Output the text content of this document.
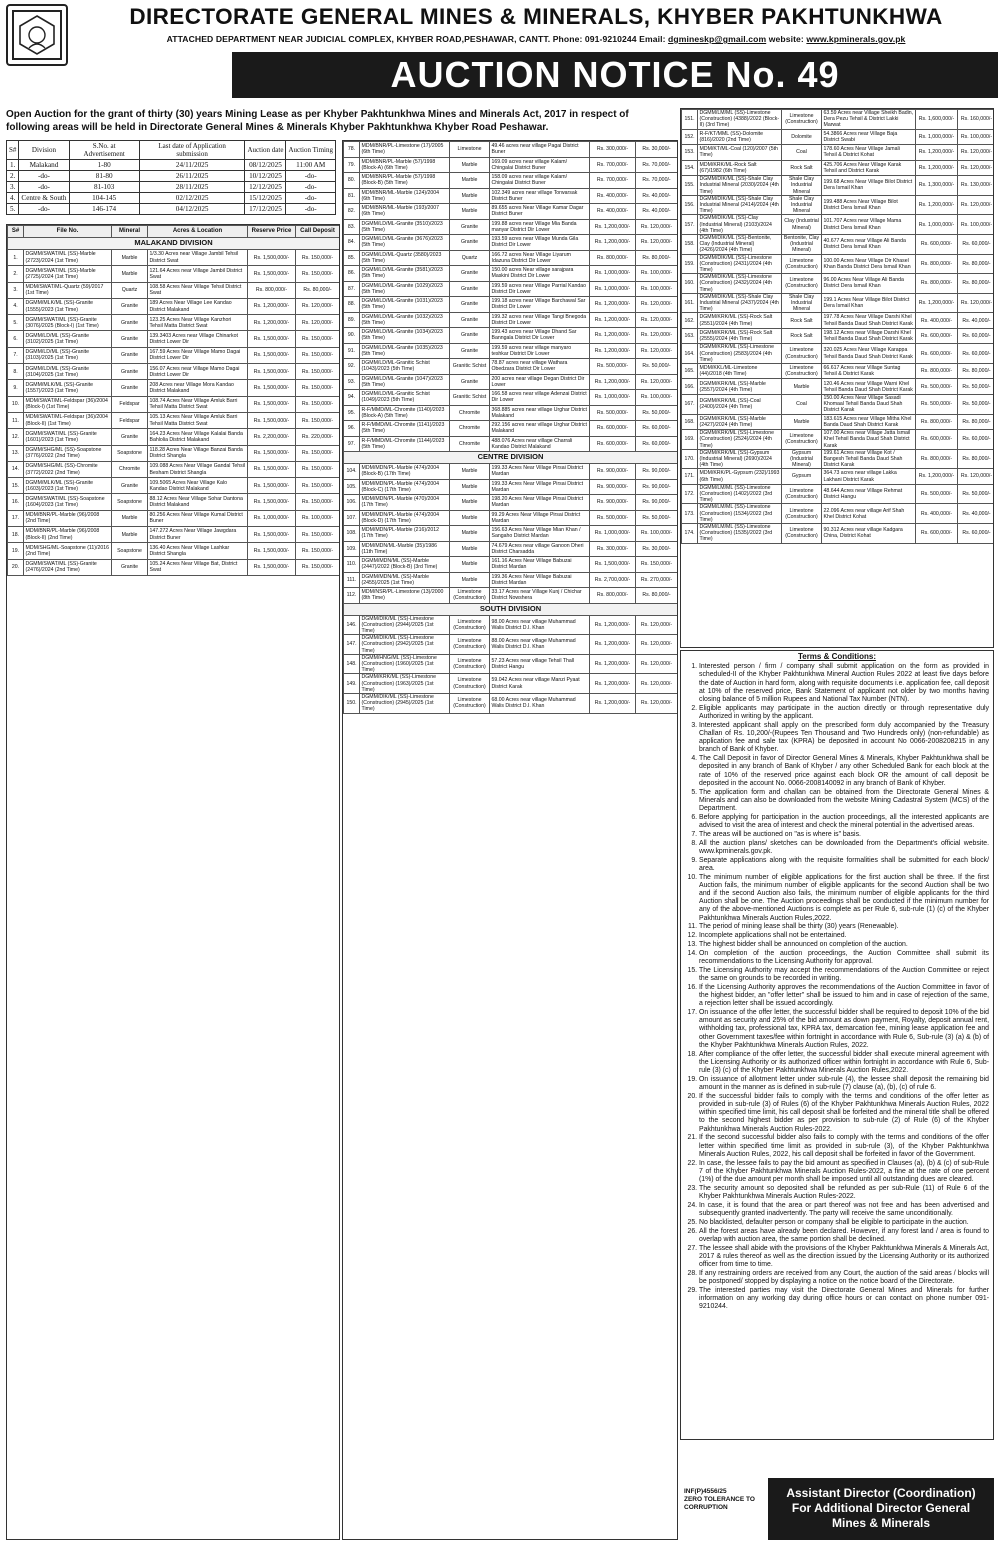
DIRECTORATE GENERAL MINES & MINERALS, KHYBER PAKHTUNKHWA
ATTACHED DEPARTMENT NEAR JUDICIAL COMPLEX, KHYBER ROAD,PESHAWAR, CANTT. Phone: 091-9210244 Email: dgmineskp@gmail.com website: www.kpminerals.gov.pk
AUCTION NOTICE No. 49
Open Auction for the grant of thirty (30) years Mining Lease as per Khyber Pakhtunkhwa Mines and Minerals Act, 2017 in respect of following areas will be held in Directorate General Mines & Minerals Khyber Pakhtunkhwa Khyber Road Peshawar.
S#	Division	S.No. at Advertisement	Last date of Application submission	Auction date	Auction Timing
1.	Malakand	1-80	24/11/2025	08/12/2025	11:00 AM
2.	-do-	81-80	26/11/2025	10/12/2025	-do-
3.	-do-	81-103	28/11/2025	12/12/2025	-do-
4.	Centre & South	104-145	02/12/2025	15/12/2025	-do-
5.	-do-	146-174	04/12/2025	17/12/2025	-do-
S#	File No.	Mineral	Acres & Location	Reserve Price	Call Deposit
MALAKAND DIVISION					
1.	DGMM/SWAT/ML (SS)-Marble (2723)/2024 (1st Time)	Marble	1/3.30 Acres near Village Jambil Tehsil District Swat	Rs. 1,500,000/-	Rs. 150,000/-
2.	DGMM/SWAT/ML (SS)-Marble (2725)/2024 (1st Time)	Marble	121.64 Acres near Village Jambil District Swat	Rs. 1,500,000/-	Rs. 150,000/-
3.	MDM/SWAT/ML-Quartz (59)/2017 (1st Time)	Quartz	108.58 Acres Near Village Tehsil District Swat	Rs. 800,000/-	Rs. 80,000/-
4.	DGMM/MLK/ML (SS)-Granite (1555)/2023 (1st Time)	Granite	189 Acres Near Village Lee Kandao District Malakand	Rs. 1,200,000/-	Rs. 120,000/-
5.	DGMM/SWAT/ML (SS)-Granite (3076)/2025 (Block-I) (1st Time)	Granite	123.25 Acres Near Village Kanzhori Tehsil Matta District Swat	Rs. 1,200,000/-	Rs. 120,000/-
6.	DGMM/LD/ML (SS)-Granite (3102)/2025 (1st Time)	Granite	139.3403 Acres near Village Chinarkot District Lower Dir	Rs. 1,500,000/-	Rs. 150,000/-
7.	DGMM/LD/ML (SS)-Granite (3103)/2025 (1st Time)	Granite	167.59 Acres Near Village Mamo Dagai District Lower Dir	Rs. 1,500,000/-	Rs. 150,000/-
8.	DGMM/LD/ML (SS)-Granite (3104)/2025 (1st Time)	Granite	156.07 Acres near Village Mamo Dagai District Lower Dir	Rs. 1,500,000/-	Rs. 150,000/-
9.	DGMM/MLK/ML (SS)-Granite (1557)/2023 (1st Time)	Granite	208 Acres near Village Mora Kandao District Malakand	Rs. 1,500,000/-	Rs. 150,000/-
10.	MDM/SWAT/ML-Feldspar (36)/2004 (Block-I) (1st Time)	Feldspar	108.74 Acres Near Village Amluk Barri Tehsil Matta District Swat	Rs. 1,500,000/-	Rs. 150,000/-
11.	MDM/SWAT/ML-Feldspar (36)/2004 (Block-II) (1st Time)	Feldspar	105.13 Acres Near Village Amluk Barri Tehsil Matta District Swat	Rs. 1,500,000/-	Rs. 150,000/-
12.	DGMM/SWAT/ML (SS)-Granite (1601)/2023 (1st Time)	Granite	164.23 Acres Near Village Kalalai Banda Bahlolia District Malakand	Rs. 2,200,000/-	Rs. 220,000/-
13.	DGMM/SHG/ML (SS)-Soapstone (3776)/2022 (2nd Time)	Soapstone	118.28 Acres Near Village Banzai Banda District Shangla	Rs. 1,500,000/-	Rs. 150,000/-
14.	DGMM/SHG/ML (SS)-Chromite (3772)/2022 (2nd Time)	Chromite	109.088 Acres Near Village Gandal Tehsil Besham District Shangla	Rs. 1,500,000/-	Rs. 150,000/-
15.	DGMM/MLK/ML (SS)-Granite (1603)/2023 (1st Time)	Granite	109.5065 Acres Near Village Kalo Kandao District Malakand	Rs. 1,500,000/-	Rs. 150,000/-
16.	DGMM/SWAT/ML (SS)-Soapstone (1604)/2023 (1st Time)	Soapstone	88.12 Acres Near Village Sohar Dantona District Malakand	Rs. 1,500,000/-	Rs. 150,000/-
17.	MDM/BNR/PL-Marble (96)/2008 (2nd Time)	Marble	80.256 Acres Near Village Kumal District Buner	Rs. 1,000,000/-	Rs. 100,000/-
18.	MDM/BNR/PL-Marble (96)/2008 (Block-II) (2nd Time)	Marble	147.272 Acres Near Village Jawgdara District Buner	Rs. 1,500,000/-	Rs. 150,000/-
19.	MDM/SHG/ML-Soapstone (11)/2016 (2nd Time)	Soapstone	136.40 Acres Near Village Lashkar District Shangla	Rs. 1,500,000/-	Rs. 150,000/-
20.	DGMM/SWAT/ML (SS)-Granite (2476)/2024 (2nd Time)	Granite	105.24 Acres Near Village Bat, District Swat	Rs. 1,500,000/-	Rs. 150,000/-
78.	MDM/BNR/PL-Limestone (17)/2005 (6th Time)	Limestone	49.46 acres near village Pagai District Buner	Rs. 300,000/-	Rs. 30,000/-
79.	MDM/BNR/PL-Marble (57)/1998 (Block-A) (6th Time)	Marble	169.09 acres near village Kalam/ Chingalai District Buner	Rs. 700,000/-	Rs. 70,000/-
80.	MDM/BNR/PL-Marble (57)/1998 (Block-B) (5th Time)	Marble	158.09 acres near village Kalam/ Chingalai District Buner	Rs. 700,000/-	Rs. 70,000/-
81.	MDM/BNR/ML-Marble (124)/2004 (6th Time)	Marble	102.349 acres near village Torwarsak District Buner	Rs. 400,000/-	Rs. 40,000/-
82.	MDM/BNR/ML-Marble (193)/2007 (6th Time)	Marble	89.655 acres Near Village Kamar Dagar District Buner	Rs. 400,000/-	Rs. 40,000/-
83.	DGMM/LD/ML-Granite (3510)/2023 (5th Time)	Granite	199.88 acres near Village Mia Banda manyar District Dir Lower	Rs. 1,200,000/-	Rs. 120,000/-
84.	DGMM/LD/ML-Granite (3676)/2023 (5th Time)	Granite	193.59 acres near Village Munda Gila District Dir Lower	Rs. 1,200,000/-	Rs. 120,000/-
85.	DGMM/LD/ML-Quartz (3580)/2023 (5th Time)	Quartz	166.72 acres Near Village Liyarum Idazuna District Dir Lower	Rs. 800,000/-	Rs. 80,000/-
86.	DGMM/LD/ML-Granite (3581)/2023 (5th Time)	Granite	150.00 acres Near village sarajpara Maskini District Dir Lower	Rs. 1,000,000/-	Rs. 100,000/-
87.	DGMM/LD/ML-Granite (1029)/2023 (5th Time)	Granite	199.59 acres near Village Parrial Kandao District Dir Lower	Rs. 1,000,000/-	Rs. 100,000/-
88.	DGMM/LD/ML-Granite (1031)/2023 (5th Time)	Granite	199.18 acres near Village Barchawal Sar District Dir Lower	Rs. 1,200,000/-	Rs. 120,000/-
89.	DGMM/LD/ML-Granite (1032)/2023 (5th Time)	Granite	199.32 acres near Village Tangi Bnegoda District Dir Lower	Rs. 1,200,000/-	Rs. 120,000/-
90.	DGMM/LD/ML-Granite (1034)/2023 (5th Time)	Granite	199.43 acres near Village Dhand Sar Banngala District Dir Lower	Rs. 1,200,000/-	Rs. 120,000/-
91.	DGMM/LD/ML-Granite (1035)/2023 (5th Time)	Granite	199.59 acres near village manyaro teshkar District Dir Lower	Rs. 1,200,000/-	Rs. 120,000/-
92.	DGMM/LD/ML-Granitic Schist (1043)/2023 (5th Time)	Granitic Schist	78.87 acres near village Wathara Obedzara District Dir Lower	Rs. 500,000/-	Rs. 50,000/-
93.	DGMM/LD/ML-Granite (1047)/2023 (5th Time)	Granite	200 acres near village Degan District Dir Lower	Rs. 1,200,000/-	Rs. 120,000/-
94.	DGMM/LD/ML-Granitic Schist (1049)/2023 (5th Time)	Granitic Schist	166.58 acres near village Adenzai District Dir Lower	Rs. 1,000,000/-	Rs. 100,000/-
95.	R-F/MMD/ML-Chromite (1140)/2023 (Block-A) (5th Time)	Chromite	368.885 acres near village Urghar District Malakand	Rs. 500,000/-	Rs. 50,000/-
96.	R-F/MMD/ML-Chromite (1141)/2023 (5th Time)	Chromite	292.156 acres near village Urghar District Malakand	Rs. 600,000/-	Rs. 60,000/-
97.	R-F/MMD/ML-Chromite (1144)/2023 (5th Time)	Chromite	488.076 Acres near village Charrali Kandao District Malakand	Rs. 600,000/-	Rs. 60,000/-
CENTRE DIVISION					
104.	MDM/MDN/PL-Marble (474)/2004 (Block-B) (17th Time)	Marble	199.33 Acres Near Village Pirsai District Mardan	Rs. 900,000/-	Rs. 90,000/-
105.	MDM/MDN/PL-Marble (474)/2004 (Block-C) (17th Time)	Marble	199.33 Acres Near Village Pirsai District Mardan	Rs. 900,000/-	Rs. 90,000/-
106.	MDM/MDN/PL-Marble (470)/2004 (17th Time)	Marble	198.20 Acres Near Village Pirsai District Mardan	Rs. 900,000/-	Rs. 90,000/-
107.	MDM/MDN/PL-Marble (474)/2004 (Block-D) (17th Time)	Marble	99.29 Acres Near Village Pirsai District Mardan	Rs. 500,000/-	Rs. 50,000/-
108.	MDM/MDN/PL-Marble (216)/2012 (17th Time)	Marble	156.63 Acres Near Village Mian Khan / Sangaho District Mardan	Rs. 1,000,000/-	Rs. 100,000/-
109.	MDM/MDN/ML-Marble (35)/1986 (11th Time)	Marble	74.679 Acres near village Ganoon Dheri District Charsadda	Rs. 300,000/-	Rs. 30,000/-
110.	DGMM/MDN/ML (SS)-Marble (2447)/2022 (Block-B) (3rd Time)	Marble	161.16 Acres Near Village Babuzai District Mardan	Rs. 1,500,000/-	Rs. 150,000/-
111.	DGMM/MDN/ML (SS)-Marble (2455)/2025 (1st Time)	Marble	199.36 Acres Near Village Babuzai District Mardan	Rs. 2,700,000/-	Rs. 270,000/-
112.	MDM/NSR/PL-Limestone (13)/2000 (8th Time)	Limestone (Construction)	33.17 Acres near Village Kunj / Chichar District Nowshera	Rs. 800,000/-	Rs. 80,000/-
SOUTH DIVISION					
146.	DGMM/DIK/ML (SS)-Limestone (Construction) (2944)/2025 (1st Time)	Limestone (Construction)	98.00 Acres near village Muhammad Walis District D.I. Khan	Rs. 1,200,000/-	Rs. 120,000/-
147.	DGMM/DIK/ML (SS)-Limestone (Construction) (2942)/2025 (1st Time)	Limestone (Construction)	88.00 Acres near village Muhammad Walis District D.I. Khan	Rs. 1,200,000/-	Rs. 120,000/-
148.	DGMM/HNG/ML (SS)-Limestone (Construction) (1960)/2025 (1st Time)	Limestone (Construction)	57.23 Acres near village Tehsil Thall District Hangu	Rs. 1,200,000/-	Rs. 120,000/-
149.	DGMM/KRK/ML (SS)-Limestone (Construction) (1963)/2025 (1st Time)	Limestone (Construction)	59.042 Acres near village Manzi Pyaat District Karak	Rs. 1,200,000/-	Rs. 120,000/-
150.	DGMM/DIK/ML (SS)-Limestone (Construction) (2945)/2025 (1st Time)	Limestone (Construction)	68.00 Acres near village Muhammad Walis District D.I. Khan	Rs. 1,200,000/-	Rs. 120,000/-
151.	DGMM/LM/ML (SS)-Limestone (Construction) (4388)/2022 (Block-II) (3rd Time)	Limestone (Construction)	63.59 Acres near Village Sheikh Badin, Dera Pezu Tehsil & District Lakki Marwat	Rs. 1,600,000/-	Rs. 160,000/-
152.	R-F/KT/MML (SS)-Dolomite (816)/2020 (2nd Time)	Dolomite	54.3866 Acres near Village Baja District Swabi	Rs. 1,000,000/-	Rs. 100,000/-
153.	MDM/KT/ML-Coal (120)/2007 (5th Time)	Coal	178.60 Acres Near Village Jamali Tehsil & District Kohat	Rs. 1,200,000/-	Rs. 120,000/-
154.	MDM/KRK/ML-Rock Salt (67)/1982 (6th Time)	Rock Salt	425.706 Acres Near Village Karak Tehsil and District Karak	Rs. 1,200,000/-	Rs. 120,000/-
155.	DGMM/DIK/ML (SS)-Shale Clay Industrial Mineral (2030)/2024 (4th Time)	Shale Clay Industrial Mineral	199.68 Acres Near Village Bilot District Dera Ismail Khan	Rs. 1,300,000/-	Rs. 130,000/-
156.	DGMM/DIK/ML (SS)-Shale Clay Industrial Mineral (2414)/2024 (4th Time)	Shale Clay Industrial Mineral	199.488 Acres Near Village Bilot District Dera Ismail Khan	Rs. 1,200,000/-	Rs. 120,000/-
157.	DGMM/DIK/ML (SS)-Clay (Industrial Mineral) (2103)/2024 (4th Time)	Clay (Industrial Mineral)	101.707 Acres near Village Mama District Dera Ismail Khan	Rs. 1,000,000/-	Rs. 100,000/-
158.	DGMM/DIK/ML (SS)-Bentonite, Clay (Industrial Mineral) (2426)/2024 (4th Time)	Bentonite, Clay (Industrial Mineral)	40.677 Acres near Village Ali Banda District Dera Ismail Khan	Rs. 600,000/-	Rs. 60,000/-
159.	DGMM/DIK/ML (SS)-Limestone (Construction) (2431)/2024 (4th Time)	Limestone (Construction)	100.00 Acres Near Village Dir Khasel Khan Banda District Dera Ismail Khan	Rs. 800,000/-	Rs. 80,000/-
160.	DGMM/DIK/ML (SS)-Limestone (Construction) (2432)/2024 (4th Time)	Limestone (Construction)	96.00 Acres Near Village Ali Banda District Dera Ismail Khan	Rs. 800,000/-	Rs. 80,000/-
161.	DGMM/DIK/ML (SS)-Shale Clay Industrial Mineral (2437)/2024 (4th Time)	Shale Clay Industrial Mineral	199.1 Acres Near Village Bilot District Dera Ismail Khan	Rs. 1,200,000/-	Rs. 120,000/-
162.	DGMM/KRK/ML (SS)-Rock Salt (2551)/2024 (4th Time)	Rock Salt	197.78 Acres Near Village Darshi Khel Tehsil Banda Daud Shah District Karak	Rs. 400,000/-	Rs. 40,000/-
163.	DGMM/KRK/ML (SS)-Rock Salt (2555)/2024 (4th Time)	Rock Salt	198.12 Acres near Village Darshi Khel Tehsil Banda Daud Shah District Karak	Rs. 600,000/-	Rs. 60,000/-
164.	DGMM/KRK/ML (SS)-Limestone (Construction) (2583)/2024 (4th Time)	Limestone (Construction)	320.025 Acres Near Village Karappa Tehsil Banda Daud Shah District Karak	Rs. 600,000/-	Rs. 60,000/-
165.	MDM/KKL/ML-Limestone (44)/2018 (4th Time)	Limestone (Construction)	66.617 Acres near Village Suntag Tehsil & District Karak	Rs. 800,000/-	Rs. 80,000/-
166.	DGMM/KRK/ML (SS)-Marble (2557)/2024 (4th Time)	Marble	120.46 Acres near Village Warni Khel Tehsil Banda Daud Shah District Karak	Rs. 500,000/-	Rs. 50,000/-
167.	DGMM/KRK/ML (SS)-Coal (2400)/2024 (4th Time)	Coal	150.00 Acres Near Village Sasadi Khomaal Tehsil Banda Daud Shah District Karak	Rs. 500,000/-	Rs. 50,000/-
168.	DGMM/KRK/ML (SS)-Marble (2427)/2024 (4th Time)	Marble	183.615 Acres near Village Mitha Khel Banda Daud Shah District Karak	Rs. 800,000/-	Rs. 80,000/-
169.	DGMM/KRK/ML (SS)-Limestone (Construction) (2524)/2024 (4th Time)	Limestone (Construction)	107.00 Acres near Village Jatta Ismail Khel Tehsil Banda Daud Shah District Karak	Rs. 600,000/-	Rs. 60,000/-
170.	DGMM/KRK/ML (SS)-Gypsum (Industrial Mineral) (2690)/2024 (4th Time)	Gypsum (Industrial Mineral)	199.61 Acres near Village Kot / Bangesh Tehsil Banda Daud Shah District Karak	Rs. 800,000/-	Rs. 80,000/-
171.	MDM/KRK/PL-Gypsum (232)/1993 (6th Time)	Gypsum	364.73 acres near village Lakka Lakhani District Karak	Rs. 1,200,000/-	Rs. 120,000/-
172.	DGMM/LM/ML (SS)-Limestone (Construction) (1402)/2022 (3rd Time)	Limestone (Construction)	48.644 Acres near Village Rehmat District Hangu	Rs. 500,000/-	Rs. 50,000/-
173.	DGMM/LM/ML (SS)-Limestone (Construction) (1534)/2022 (3rd Time)	Limestone (Construction)	22.096 Acres near village Arif Shah Khel District Kohat	Rs. 400,000/-	Rs. 40,000/-
174.	DGMM/LM/ML (SS)-Limestone (Construction) (1535)/2022 (3rd Time)	Limestone (Construction)	90.312 Acres near village Kadgara China, District Kohat	Rs. 600,000/-	Rs. 60,000/-
Terms & Conditions:
1. Interested person / firm / company shall submit application on the form as provided in scheduled-II of the Khyber Pakhtunkhwa Mineral Auction Rules 2022 at least five days before the date of Auction in hard form, along with requisite documents i.e. application fee, call deposit at 10% of the reserved price, Bank Statement of applicant not older by two months having closing balance of 5 million Rupees and National Tax Number (NTN).
2. Eligible applicants may participate in the auction directly or through representative duly Authorized in writing by the applicant.
3. Interested applicant shall apply on the prescribed form duly accompanied by the Treasury Challan of Rs. 10,200/-(Rupees Ten Thousand and Two Hundreds only) (non-refundable) as application fee and sale tax (KPRA) be deposited in account No 0066-2008208215 in any branch of Bank of Khyber.
4. The Call Deposit in favor of Director General Mines & Minerals, Khyber Pakhtunkhwa shall be deposited in any branch of Bank of Khyber / any other Scheduled Bank for each block at the rate of 10% of the reserved price against each block OR the amount of call deposit be deposited in the account No. 0066-2008140092 in any branch of Bank of Khyber.
5. The application form and challan can be obtained from the Directorate General Mines & Minerals and can also be downloaded from the website Mining Cadastral System (MCS) of the Department.
6. Before applying for participation in the auction proceedings, all the interested applicants are advised to visit the area of interest and check the mineral potential in the advertised areas.
7. The areas will be auctioned on "as is where is" basis.
8. All the auction plans/ sketches can be downloaded from the Department's official website. www.kpminerals.gov.pk.
9. Separate applications along with the requisite formalities shall be submitted for each block/ area.
10. The minimum number of eligible applications for the first auction shall be three. If the first Auction fails, the minimum number of eligible applicants for the second Auction shall be two and if the second Auction also fails, the minimum number of eligible applicants for the third Auction shall be one. The Auction proceedings shall be conducted if the minimum number for any of the above-mentioned Auctions is complete as per Rule 6, sub-rule (1) (c) of the Khyber Pakhtunkhwa Minerals Auction Rules,2022.
11. The period of mining lease shall be thirty (30) years (Renewable).
12. Incomplete applications shall not be entertained.
13. The highest bidder shall be announced on completion of the auction.
14. On completion of the auction proceedings, the Auction Committee shall submit its recommendations to the Licensing Authority for approval.
15. The Licensing Authority may accept the recommendations of the Auction Committee or reject the same on grounds to be recorded in writing.
16. If the Licensing Authority approves the recommendations of the Auction Committee in favor of the highest bidder, an "offer letter" shall be issued to him and in case of rejection of the same, a rejection letter shall be issued accordingly.
17. On issuance of the offer letter, the successful bidder shall be required to deposit 10% of the bid amount as security and 25% of the bid amount as down payment, Royalty, deposit annual rent, withholding tax, professional tax, KPRA tax, demarcation fee, mining lease application fee and other Government taxes/fee within fortnight in accordance with Rule 6, Sub-rule (3) (a) & (b) of the Khyber Pakhtunkhwa Minerals Auction Rules, 2022.
18. After compliance of the offer letter, the successful bidder shall execute mineral agreement with the Licensing Authority or its authorized officer within fortnight in accordance with Rule 6, Sub-rule (3) (c) of the Khyber Pakhtunkhwa Minerals Auction Rules,2022.
19. On issuance of allotment letter under sub-rule (4), the lessee shall deposit the remaining bid amount in the manner as is defined in sub-rule (7) clause (a), (b), (c) of rule 6.
20. If the successful bidder fails to comply with the terms and conditions of the offer letter as provided in sub-rule (3) of Rules (6) of the Khyber Pakhtunkhwa Minerals Auction Rules, 2022 within specified time limit, his call deposit shall be forfeited and the mineral title shall be offered to the second highest bidder as per provision to sub-rule (2) of Rule (6) of the Khyber Pakhtunkhwa Minerals Auction Rules-2022.
21. If the second successful bidder also fails to comply with the terms and conditions of the offer letter within specified time limit as provided in sub-rule (3), of the Khyber Pakhtunkhwa Minerals Auction Rules, 2022, his call deposit shall be forfeited in favor of the Government.
22. In case, the lessee fails to pay the bid amount as specified in Clauses (a), (b) & (c) of sub-Rule 7 of the Khyber Pakhtunkhwa Minerals Auction Rules-2022, a fine at the rate of one percent (1%) of the due amount per month shall be imposed until all outstanding dues are cleared.
23. The security amount so deposited shall be refunded as per sub-Rule (11) of Rule 6 of the Khyber Pakhtunkhwa Minerals Auction Rules-2022.
24. In case, it is found that the area or part thereof was not free and has been advertised and subsequently granted inadvertently. The party will receive the same unconditionally.
25. No blacklisted, defaulter person or company shall be eligible to participate in the auction.
26. All the forest areas have already been declared. However, if any forest land / area is found to overlap with auction area, the same portion shall be declined.
27. The lessee shall abide with the provisions of the Khyber Pakhtunkhwa Minerals & Minerals Act, 2017 & rules thereof as well as the direction issued by the Licensing Authority or its authorized officer from time to time.
28. If any restraining orders are received from any Court, the auction of the said areas / blocks will be postponed/ stopped by displaying a notice on the notice board of the Directorate.
29. The interested parties may visit the Directorate General Mines and Minerals for further information on any working day during office hours or can contact on phone number 091-9210244.
INF(P)4556/25
ZERO TOLERANCE TO CORRUPTION
Assistant Director (Coordination)
For Additional Director General
Mines & Minerals
